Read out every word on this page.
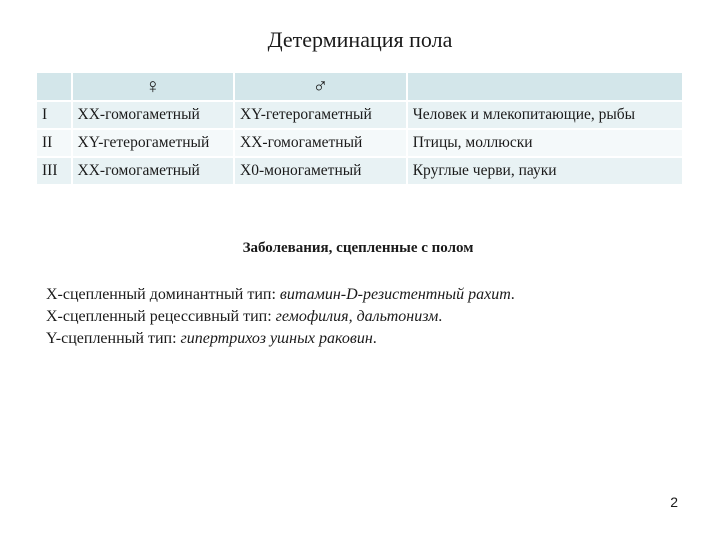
Детерминация пола
	♀	♂	
I	XX-гомогаметный	XY-гетерогаметный	Человек и млекопитающие, рыбы
II	XY-гетерогаметный	XX-гомогаметный	Птицы, моллюски
III	XX-гомогаметный	X0-моногаметный	Круглые черви, пауки
Заболевания, сцепленные с полом
Х-сцепленный доминантный тип: витамин-D-резистентный рахит.
Х-сцепленный рецессивный тип: гемофилия, дальтонизм.
Y-сцепленный тип: гипертрихоз ушных раковин.
2
